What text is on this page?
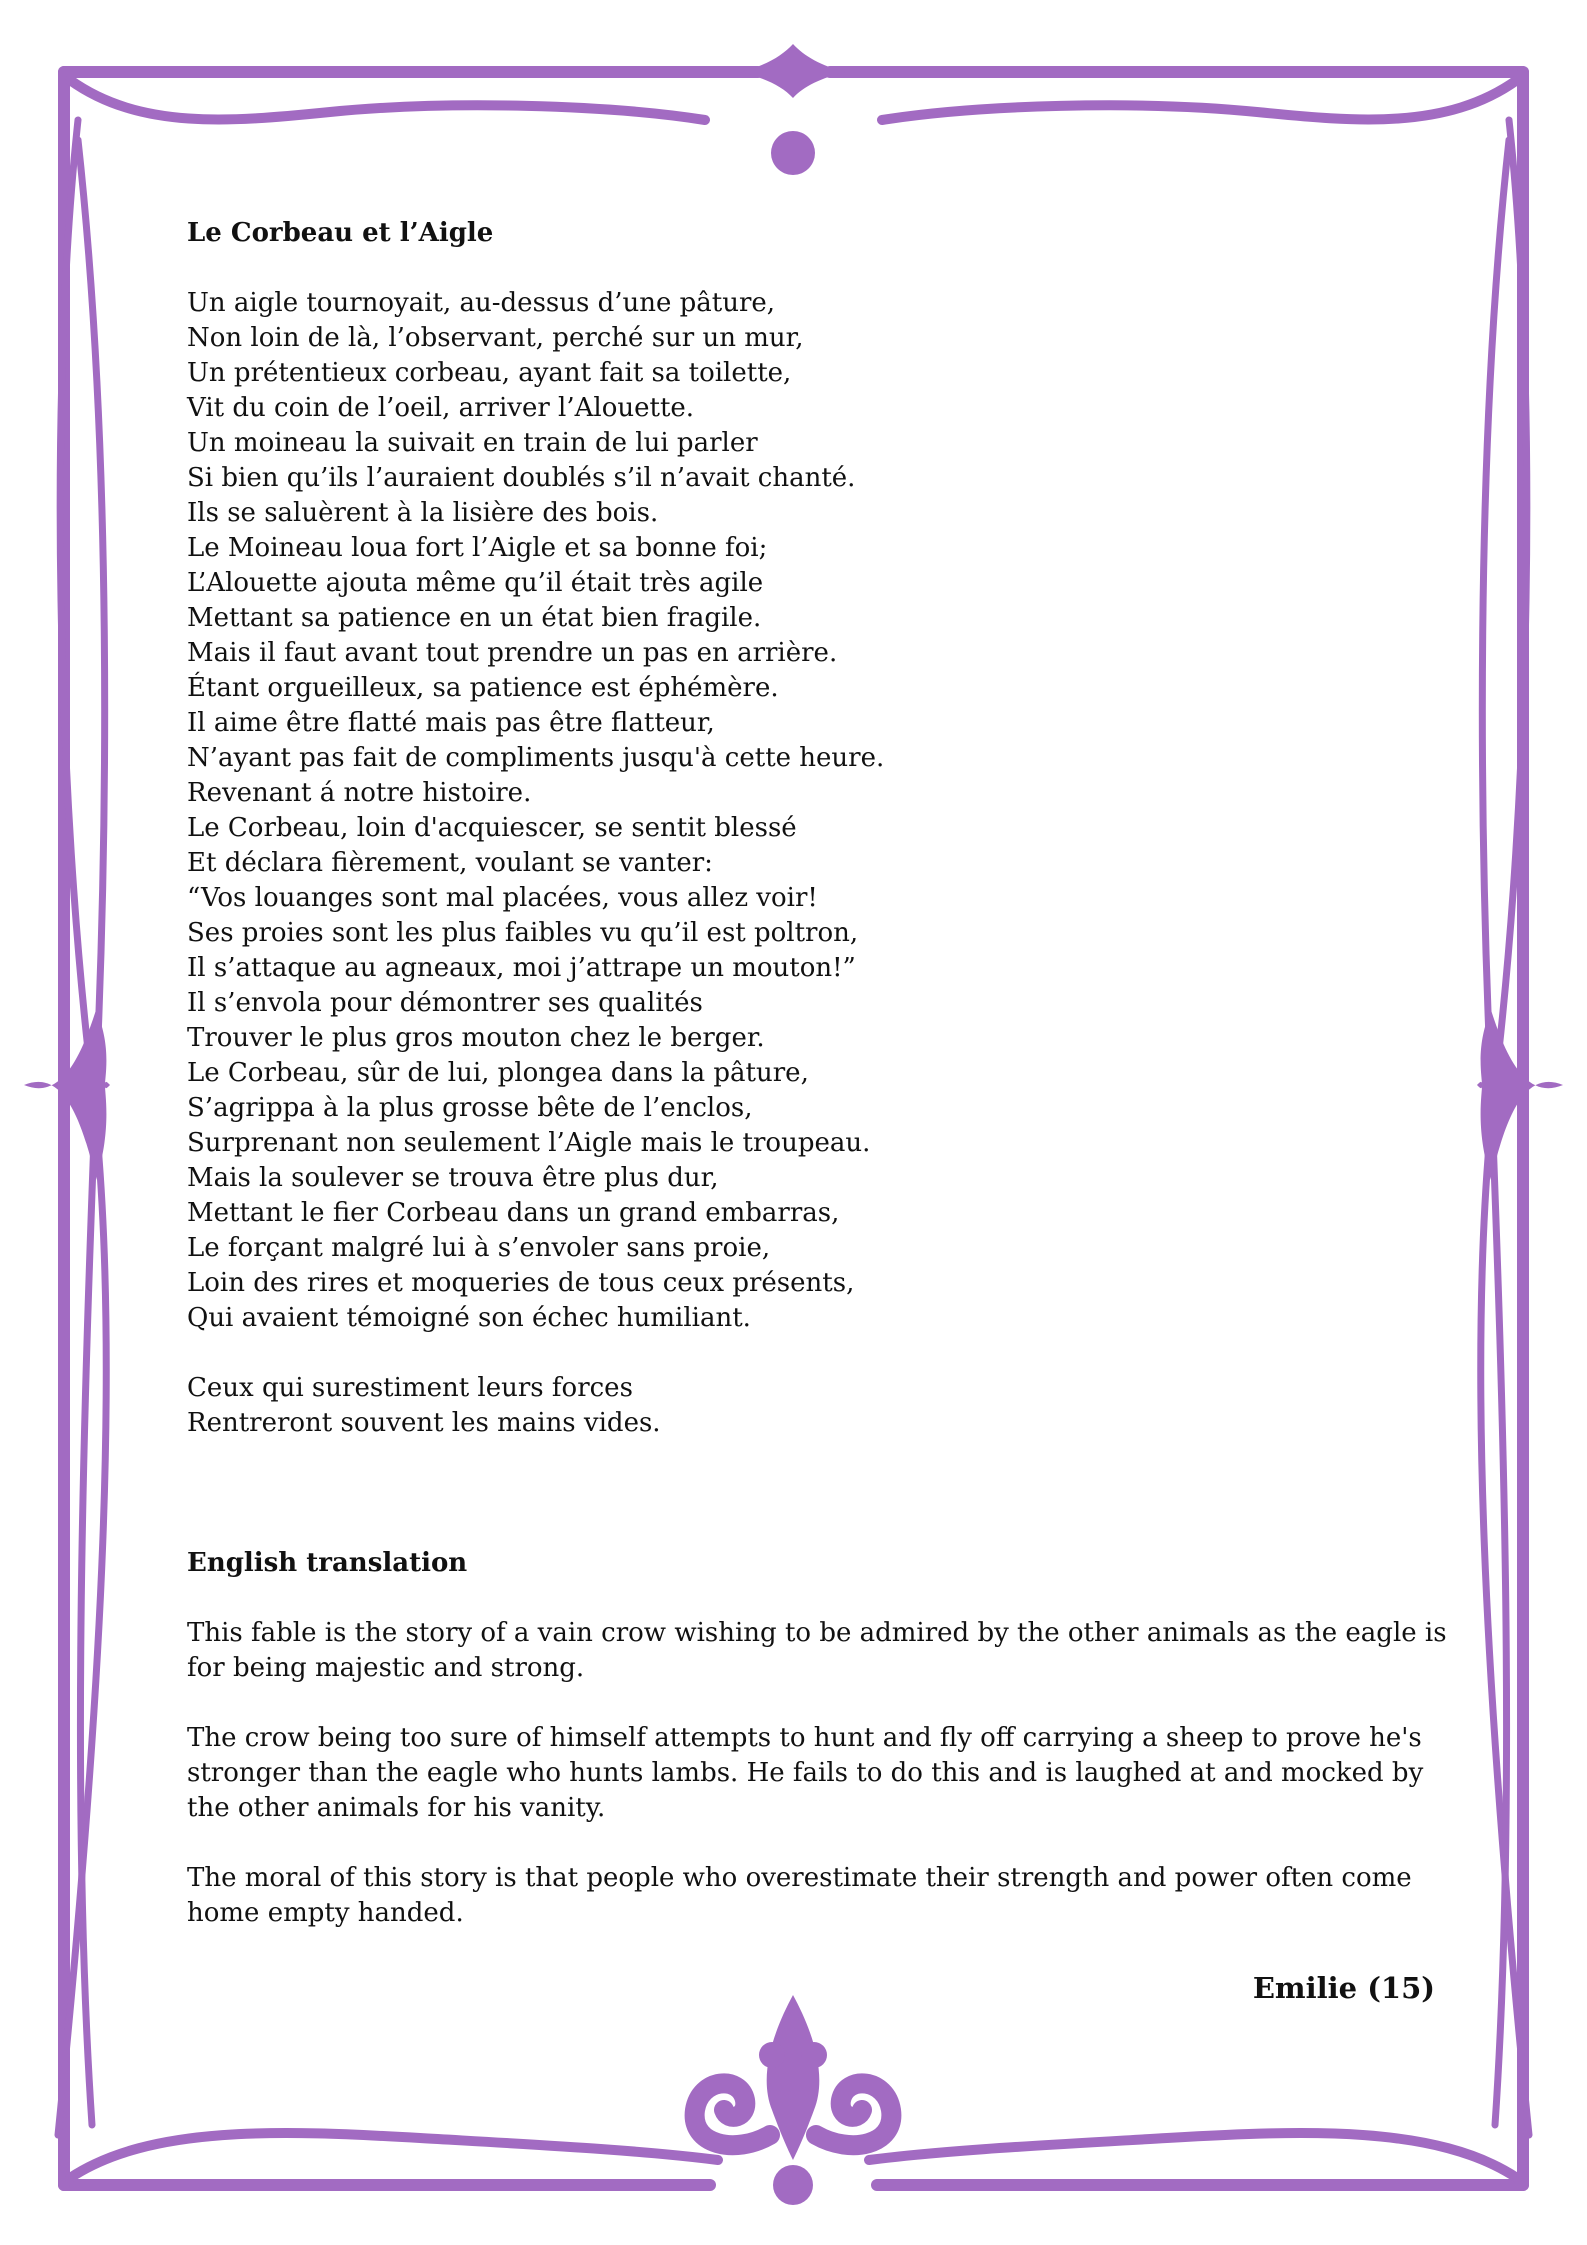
Le Corbeau et l’Aigle

Un aigle tournoyait, au-dessus d’une pâture,

Non loin de là, l’observant, perché sur un mur,

Un prétentieux corbeau, ayant fait sa toilette,

Vit du coin de l’oeil, arriver l’Alouette.

Un moineau la suivait en train de lui parler

Si bien qu’ils l’auraient doublés s’il n’avait chanté.

Ils se saluèrent à la lisière des bois.

Le Moineau loua fort l’Aigle et sa bonne foi;

L’Alouette ajouta même qu’il était très agile

Mettant sa patience en un état bien fragile.

Mais il faut avant tout prendre un pas en arrière.

Étant orgueilleux, sa patience est éphémère.

Il aime être flatté mais pas être flatteur,

N’ayant pas fait de compliments jusqu'à cette heure.

Revenant á notre histoire.

Le Corbeau, loin d'acquiescer, se sentit blessé

Et déclara fièrement, voulant se vanter:

“Vos louanges sont mal placées, vous allez voir!

Ses proies sont les plus faibles vu qu’il est poltron,

Il s’attaque au agneaux, moi j’attrape un mouton!”

Il s’envola pour démontrer ses qualités

Trouver le plus gros mouton chez le berger.

Le Corbeau, sûr de lui, plongea dans la pâture,

S’agrippa à la plus grosse bête de l’enclos,

Surprenant non seulement l’Aigle mais le troupeau.

Mais la soulever se trouva être plus dur,

Mettant le fier Corbeau dans un grand embarras,

Le forçant malgré lui à s’envoler sans proie,

Loin des rires et moqueries de tous ceux présents,

Qui avaient témoigné son échec humiliant.

Ceux qui surestiment leurs forces

Rentreront souvent les mains vides.

English translation

This fable is the story of a vain crow wishing to be admired by the other animals as the eagle is for being majestic and strong.

The crow being too sure of himself attempts to hunt and fly off carrying a sheep to prove he's stronger than the eagle who hunts lambs. He fails to do this and is laughed at and mocked by the other animals for his vanity.

The moral of this story is that people who overestimate their strength and power often come home empty handed.

Emilie (15)
